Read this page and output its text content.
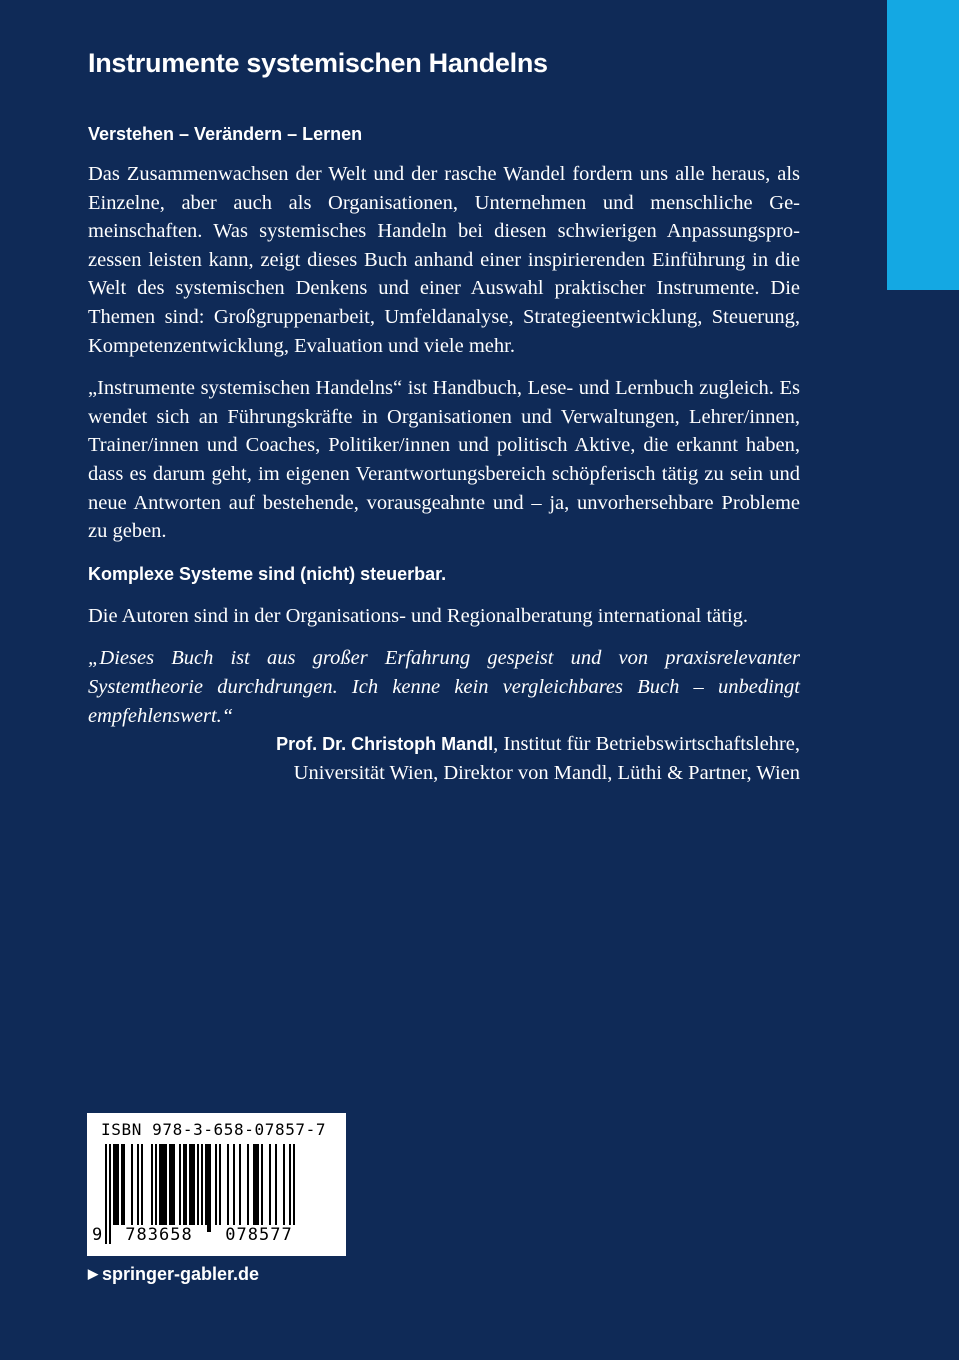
Instrumente systemischen Handelns
Verstehen – Verändern – Lernen

Das Zusammenwachsen der Welt und der rasche Wandel fordern uns alle heraus, als Einzelne, aber auch als Organisationen, Unternehmen und menschliche Gemeinschaften. Was systemisches Handeln bei diesen schwierigen Anpassungsprozessen leisten kann, zeigt dieses Buch anhand einer inspirierenden Einführung in die Welt des systemischen Denkens und einer Auswahl praktischer Instrumente. Die Themen sind: Großgruppenarbeit, Umfeldanalyse, Strategieentwicklung, Steuerung, Kompetenzentwicklung, Evaluation und viele mehr.

„Instrumente systemischen Handelns“ ist Handbuch, Lese- und Lernbuch zugleich. Es wendet sich an Führungskräfte in Organisationen und Verwaltungen, Lehrer/innen, Trainer/innen und Coaches, Politiker/innen und politisch Aktive, die erkannt haben, dass es darum geht, im eigenen Verantwortungsbereich schöpferisch tätig zu sein und neue Antworten auf bestehende, vorausgeahnte und – ja, unvorhersehbare Probleme zu geben.

Komplexe Systeme sind (nicht) steuerbar.

Die Autoren sind in der Organisations- und Regionalberatung international tätig.

„Dieses Buch ist aus großer Erfahrung gespeist und von praxisrelevanter Systemtheorie durchdrungen. Ich kenne kein vergleichbares Buch – unbedingt empfehlenswert.“

Prof. Dr. Christoph Mandl, Institut für Betriebswirtschaftslehre,
Universität Wien, Direktor von Mandl, Lüthi & Partner, Wien

ISBN 978-3-658-07857-7
9	783658	078577
▶ springer-gabler.de
